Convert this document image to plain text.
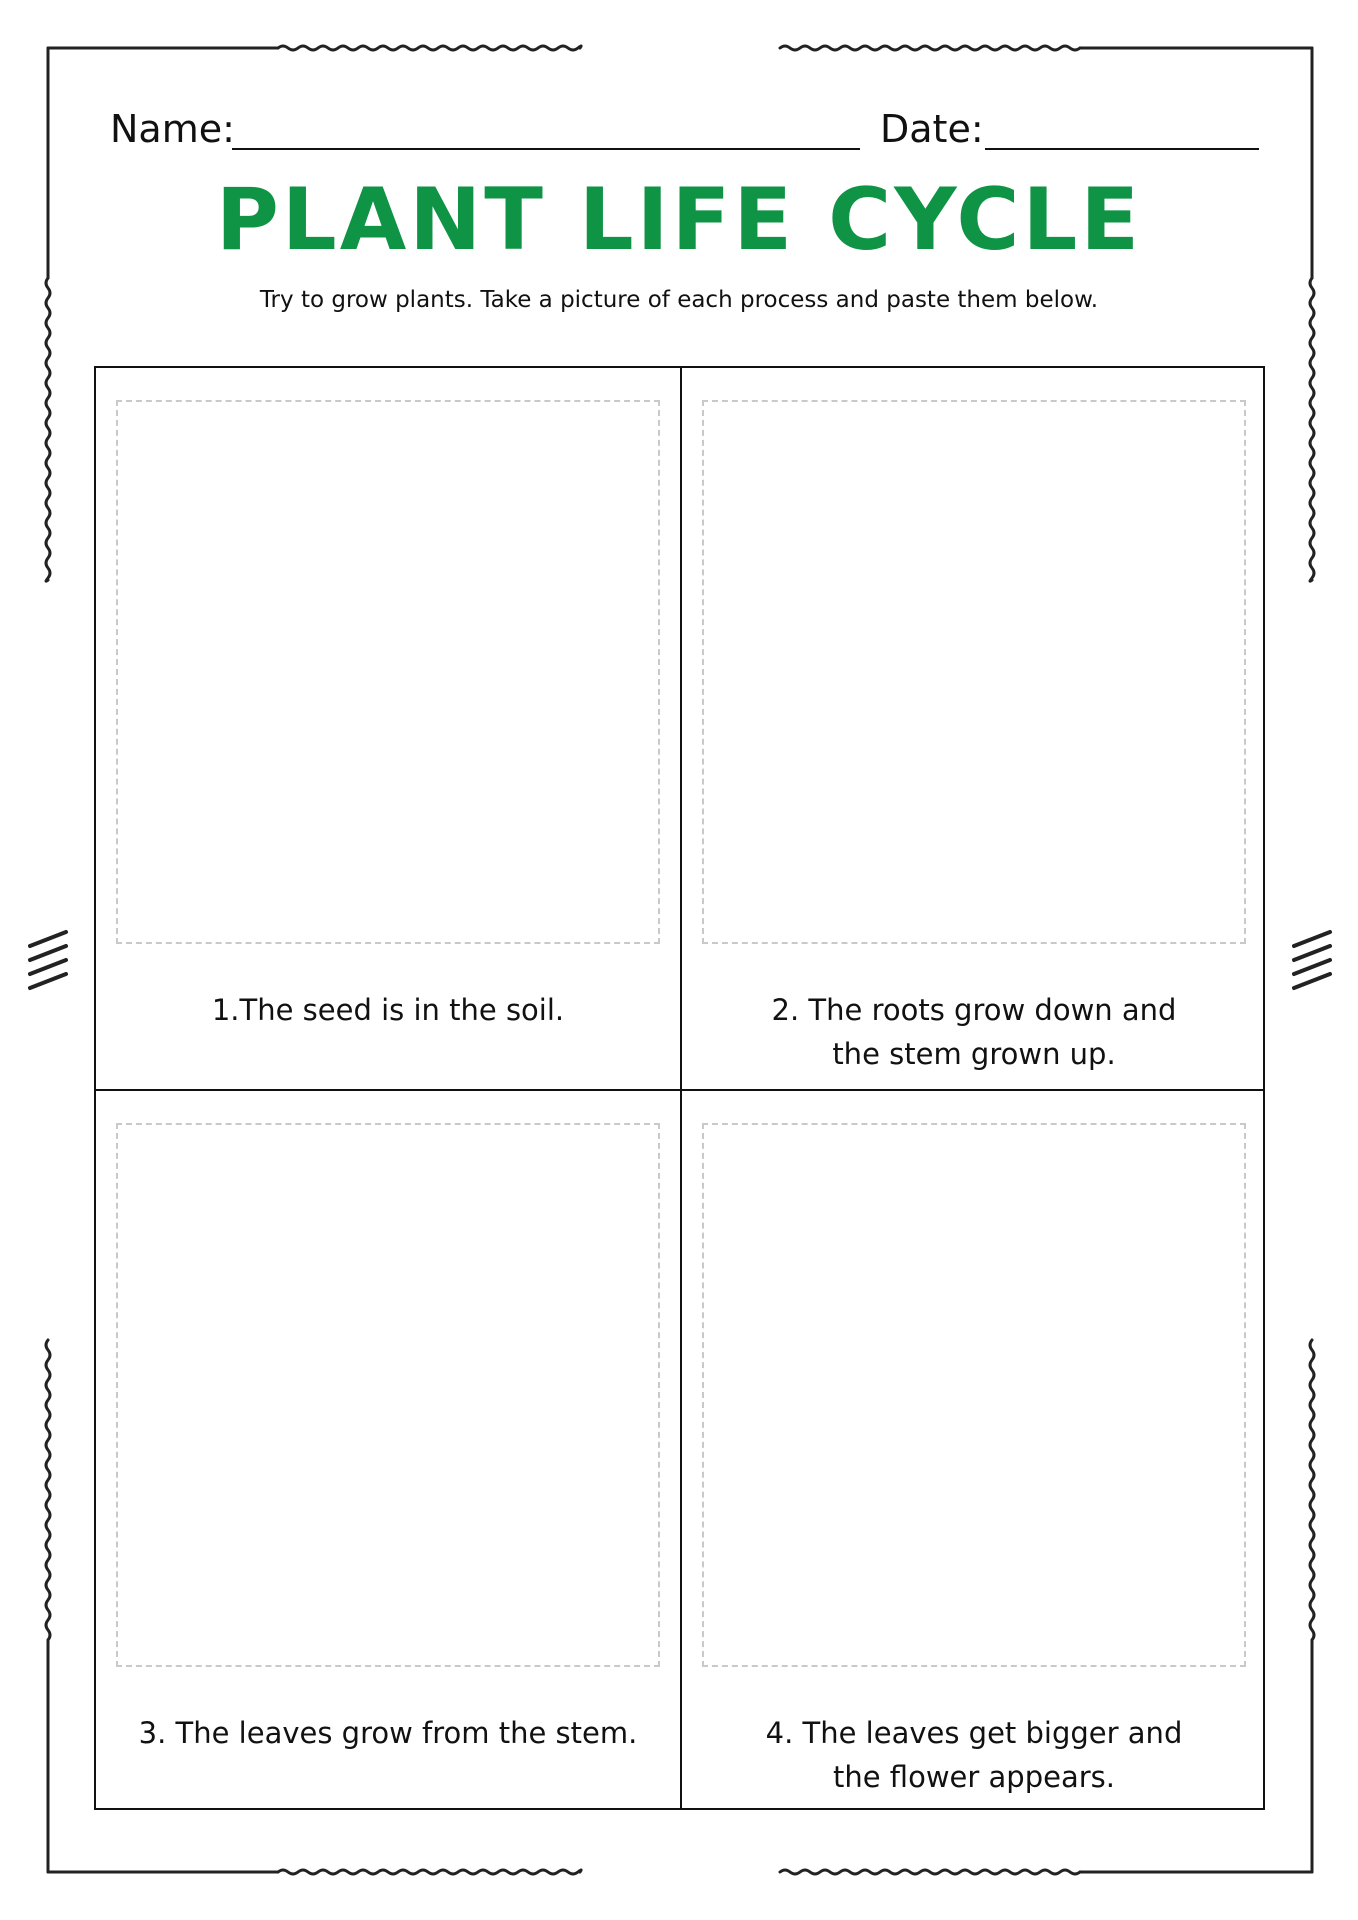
Name:	Date:
PLANT LIFE CYCLE
Try to grow plants. Take a picture of each process and paste them below.
1.The seed is in the soil.	2. The roots grow down and
the stem grown up.
3. The leaves grow from the stem.	4. The leaves get bigger and
the flower appears.
